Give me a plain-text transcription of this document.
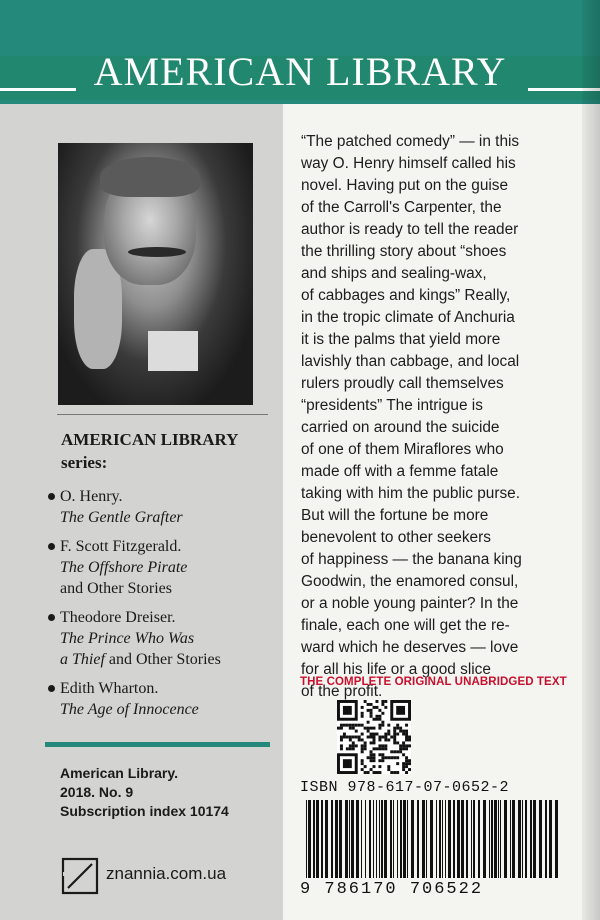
AMERICAN LIBRARY
AMERICAN LIBRARY
series:
O. Henry.
The Gentle Grafter
F. Scott Fitzgerald.
The Offshore Pirate
and Other Stories
Theodore Dreiser.
The Prince Who Was
a Thief and Other Stories
Edith Wharton.
The Age of Innocence
American Library.
2018. No. 9
Subscription index 10174
znannia.com.ua

“The patched comedy” — in this

way O. Henry himself called his

novel. Having put on the guise

of the Carroll's Carpenter, the

author is ready to tell the reader

the thrilling story about “shoes

and ships and sealing-wax,

of cabbages and kings” Really,

in the tropic climate of Anchuria

it is the palms that yield more

lavishly than cabbage, and local

rulers proudly call themselves

“presidents” The intrigue is

carried on around the suicide

of one of them Miraflores who

made off with a femme fatale

taking with him the public purse.

But will the fortune be more

benevolent to other seekers

of happiness — the banana king

Goodwin, the enamored consul,

or a noble young painter? In the

finale, each one will get the re-

ward which he deserves — love

for all his life or a good slice

of the profit.

THE COMPLETE ORIGINAL UNABRIDGED TEXT
ISBN 978-617-07-0652-2
9 786170 706522
